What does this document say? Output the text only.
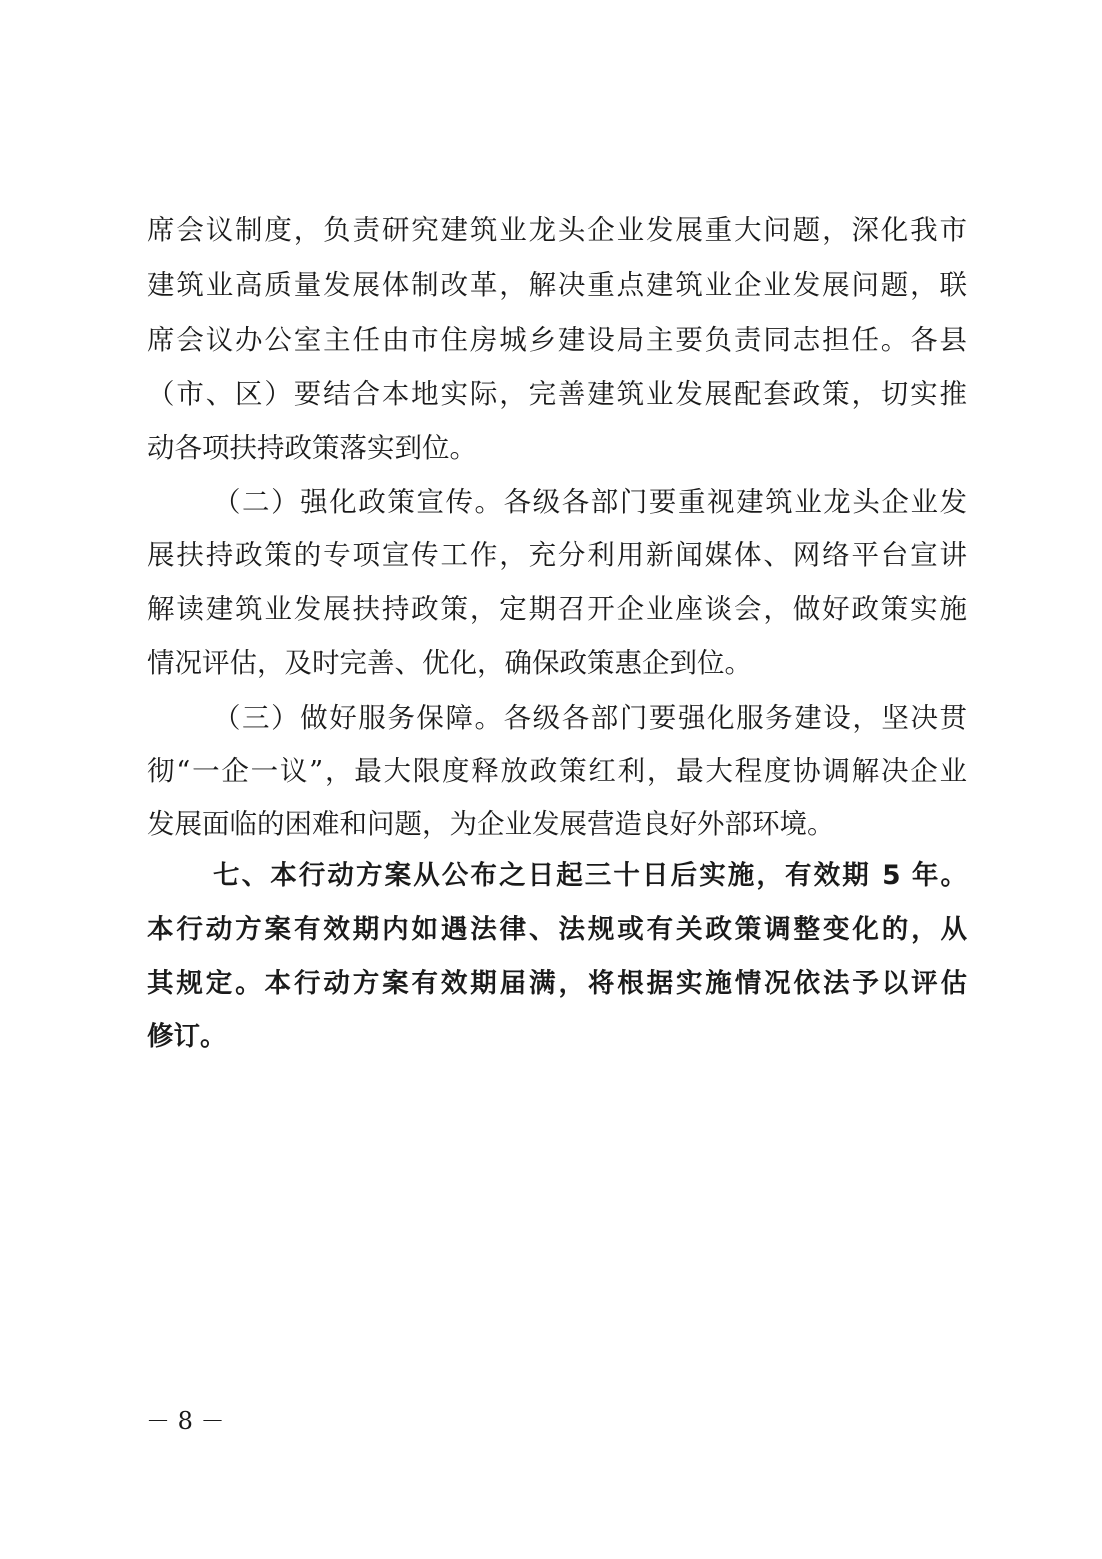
席会议制度，负责研究建筑业龙头企业发展重大问题，深化我市
建筑业高质量发展体制改革，解决重点建筑业企业发展问题，联
席会议办公室主任由市住房城乡建设局主要负责同志担任。各县
（市、区）要结合本地实际，完善建筑业发展配套政策，切实推
动各项扶持政策落实到位。
（二）强化政策宣传。各级各部门要重视建筑业龙头企业发
展扶持政策的专项宣传工作，充分利用新闻媒体、网络平台宣讲
解读建筑业发展扶持政策，定期召开企业座谈会，做好政策实施
情况评估，及时完善、优化，确保政策惠企到位。
（三）做好服务保障。各级各部门要强化服务建设，坚决贯
彻“一企一议”，最大限度释放政策红利，最大程度协调解决企业
发展面临的困难和问题，为企业发展营造良好外部环境。
七、本行动方案从公布之日起三十日后实施，有效期 5 年。
本行动方案有效期内如遇法律、法规或有关政策调整变化的，从
其规定。本行动方案有效期届满，将根据实施情况依法予以评估
修订。
－ 8 －
